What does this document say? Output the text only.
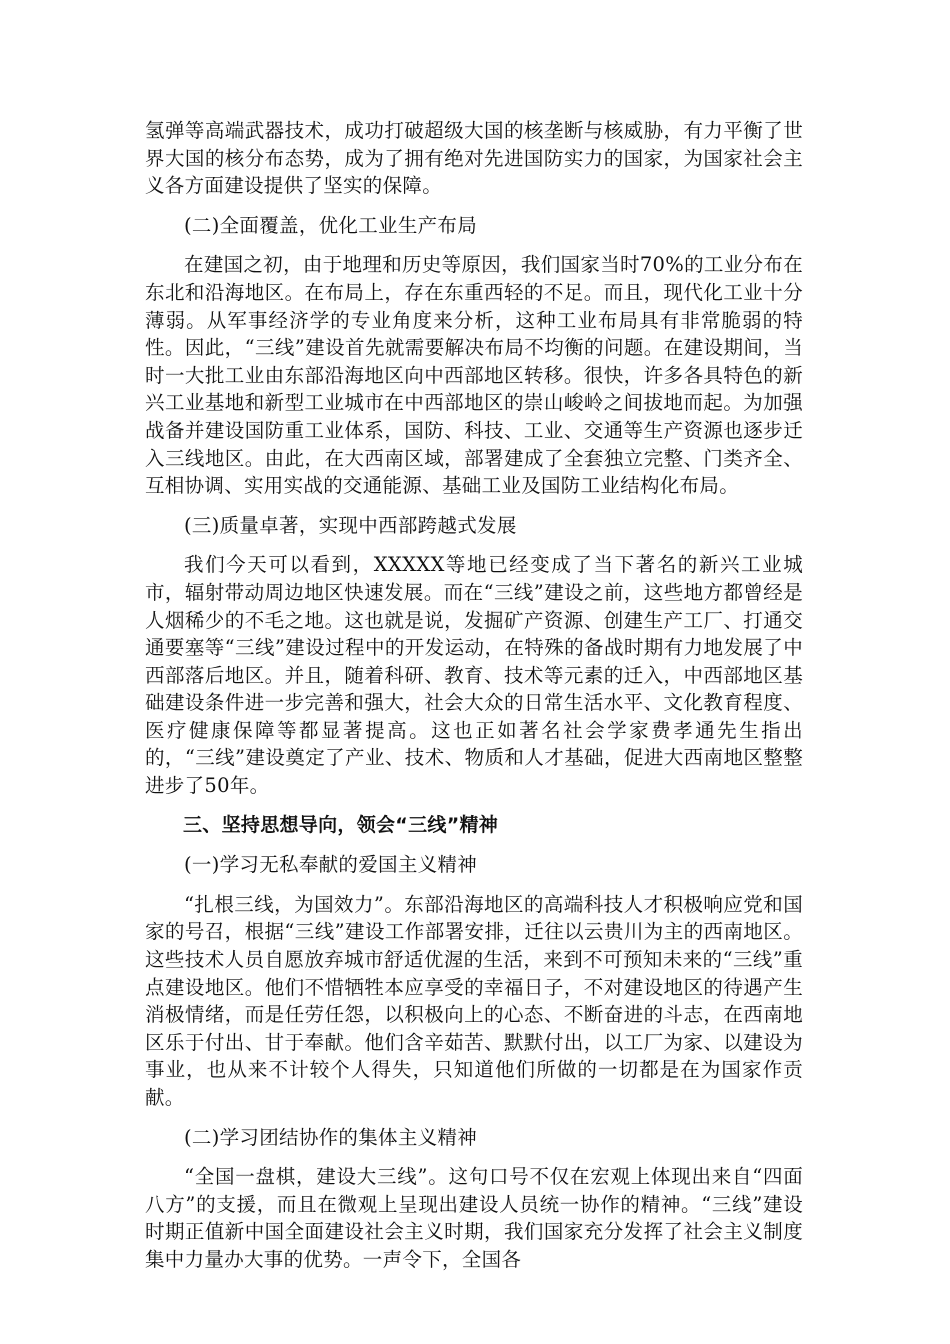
氢弹等高端武器技术，成功打破超级大国的核垄断与核威胁，有力平衡了世界大国的核分布态势，成为了拥有绝对先进国防实力的国家，为国家社会主义各方面建设提供了坚实的保障。

(二)全面覆盖，优化工业生产布局

在建国之初，由于地理和历史等原因，我们国家当时70%的工业分布在东北和沿海地区。在布局上，存在东重西轻的不足。而且，现代化工业十分薄弱。从军事经济学的专业角度来分析，这种工业布局具有非常脆弱的特性。因此，“三线”建设首先就需要解决布局不均衡的问题。在建设期间，当时一大批工业由东部沿海地区向中西部地区转移。很快，许多各具特色的新兴工业基地和新型工业城市在中西部地区的崇山峻岭之间拔地而起。为加强战备并建设国防重工业体系，国防、科技、工业、交通等生产资源也逐步迁入三线地区。由此，在大西南区域，部署建成了全套独立完整、门类齐全、互相协调、实用实战的交通能源、基础工业及国防工业结构化布局。

(三)质量卓著，实现中西部跨越式发展

我们今天可以看到，XXXXX等地已经变成了当下著名的新兴工业城市，辐射带动周边地区快速发展。而在“三线”建设之前，这些地方都曾经是人烟稀少的不毛之地。这也就是说，发掘矿产资源、创建生产工厂、打通交通要塞等“三线”建设过程中的开发运动，在特殊的备战时期有力地发展了中西部落后地区。并且，随着科研、教育、技术等元素的迁入，中西部地区基础建设条件进一步完善和强大，社会大众的日常生活水平、文化教育程度、医疗健康保障等都显著提高。这也正如著名社会学家费孝通先生指出的，“三线”建设奠定了产业、技术、物质和人才基础，促进大西南地区整整进步了50年。

三、坚持思想导向，领会“三线”精神

(一)学习无私奉献的爱国主义精神

“扎根三线，为国效力”。东部沿海地区的高端科技人才积极响应党和国家的号召，根据“三线”建设工作部署安排，迁往以云贵川为主的西南地区。这些技术人员自愿放弃城市舒适优渥的生活，来到不可预知未来的“三线”重点建设地区。他们不惜牺牲本应享受的幸福日子，不对建设地区的待遇产生消极情绪，而是任劳任怨，以积极向上的心态、不断奋进的斗志，在西南地区乐于付出、甘于奉献。他们含辛茹苦、默默付出，以工厂为家、以建设为事业，也从来不计较个人得失，只知道他们所做的一切都是在为国家作贡献。

(二)学习团结协作的集体主义精神

“全国一盘棋，建设大三线”。这句口号不仅在宏观上体现出来自“四面八方”的支援，而且在微观上呈现出建设人员统一协作的精神。“三线”建设时期正值新中国全面建设社会主义时期，我们国家充分发挥了社会主义制度集中力量办大事的优势。一声令下，全国各
